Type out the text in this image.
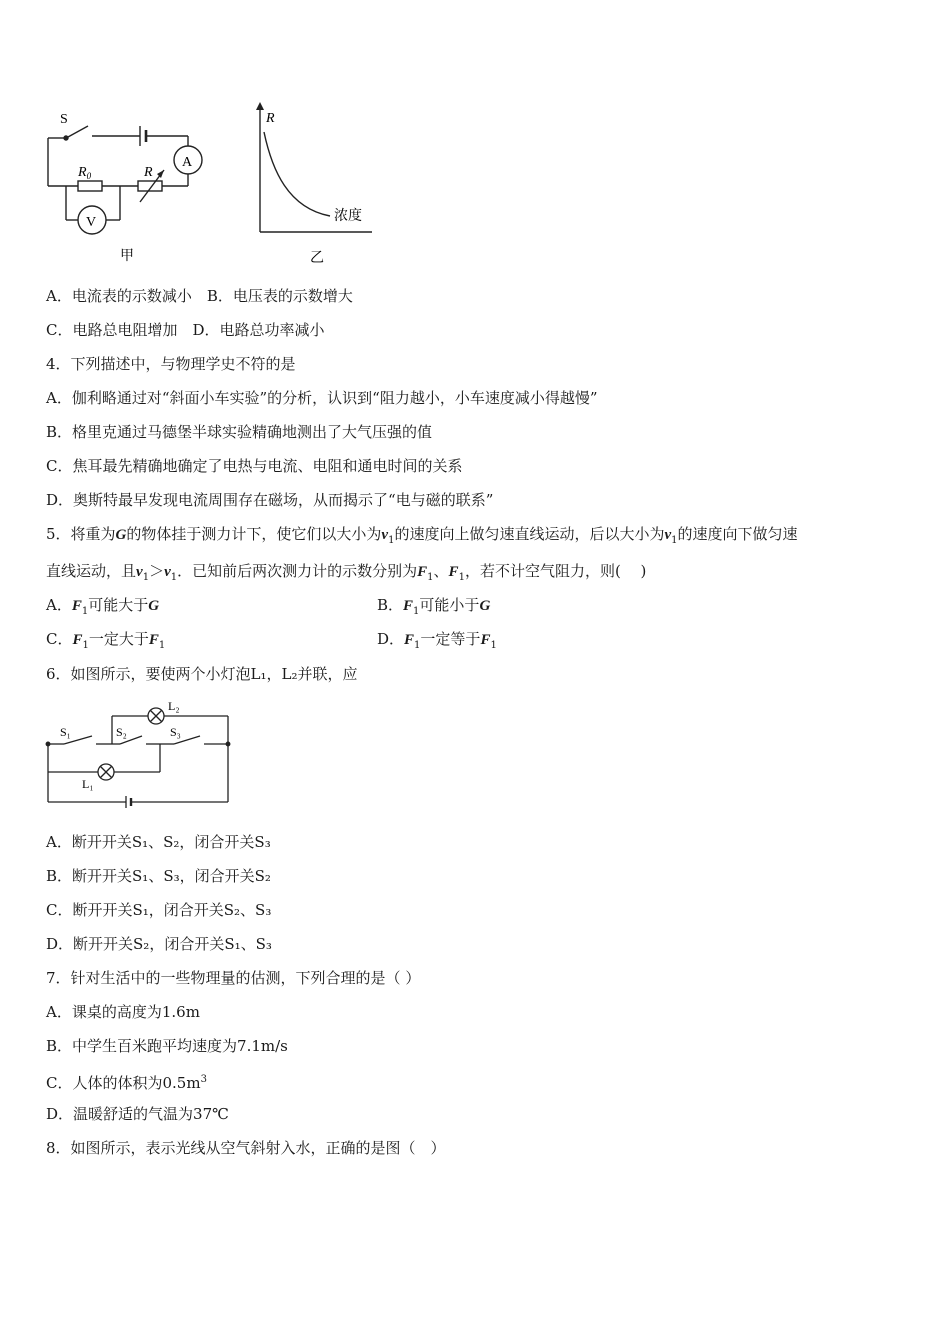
S
A
V
$R_0$	R
甲
R
浓度
乙
A．电流表的示数减小　B．电压表的示数增大
C．电路总电阻增加　D．电路总功率减小
4．下列描述中，与物理学史不符的是
A．伽利略通过对“斜面小车实验”的分析，认识到“阻力越小，小车速度减小得越慢”
B．格里克通过马德堡半球实验精确地测出了大气压强的值
C．焦耳最先精确地确定了电热与电流、电阻和通电时间的关系
D．奥斯特最早发现电流周围存在磁场，从而揭示了“电与磁的联系”
5．将重为G的物体挂于测力计下，使它们以大小为$v_1$的速度向上做匀速直线运动，后以大小为$v_1$的速度向下做匀速
直线运动，且$v_1>v_1$．已知前后两次测力计的示数分别为$F_1$、$F_1$，若不计空气阻力，则(　 )
A．$F_1$可能大于G	B．$F_1$可能小于G
C．$F_1$一定大于$F_1$	D．$F_1$一定等于$F_1$
6．如图所示，要使两个小灯泡L₁，L₂并联，应
S₁	S₂	S₃
L₁
L₂
A．断开开关S₁、S₂，闭合开关S₃
B．断开开关S₁、S₃，闭合开关S₂
C．断开开关S₁，闭合开关S₂、S₃
D．断开开关S₂，闭合开关S₁、S₃
7．针对生活中的一些物理量的估测，下列合理的是（ ）
A．课桌的高度为1.6m
B．中学生百米跑平均速度为7.1m/s
C．人体的体积为$0.5m^3$
D．温暖舒适的气温为37℃
8．如图所示，表示光线从空气斜射入水，正确的是图（　）
